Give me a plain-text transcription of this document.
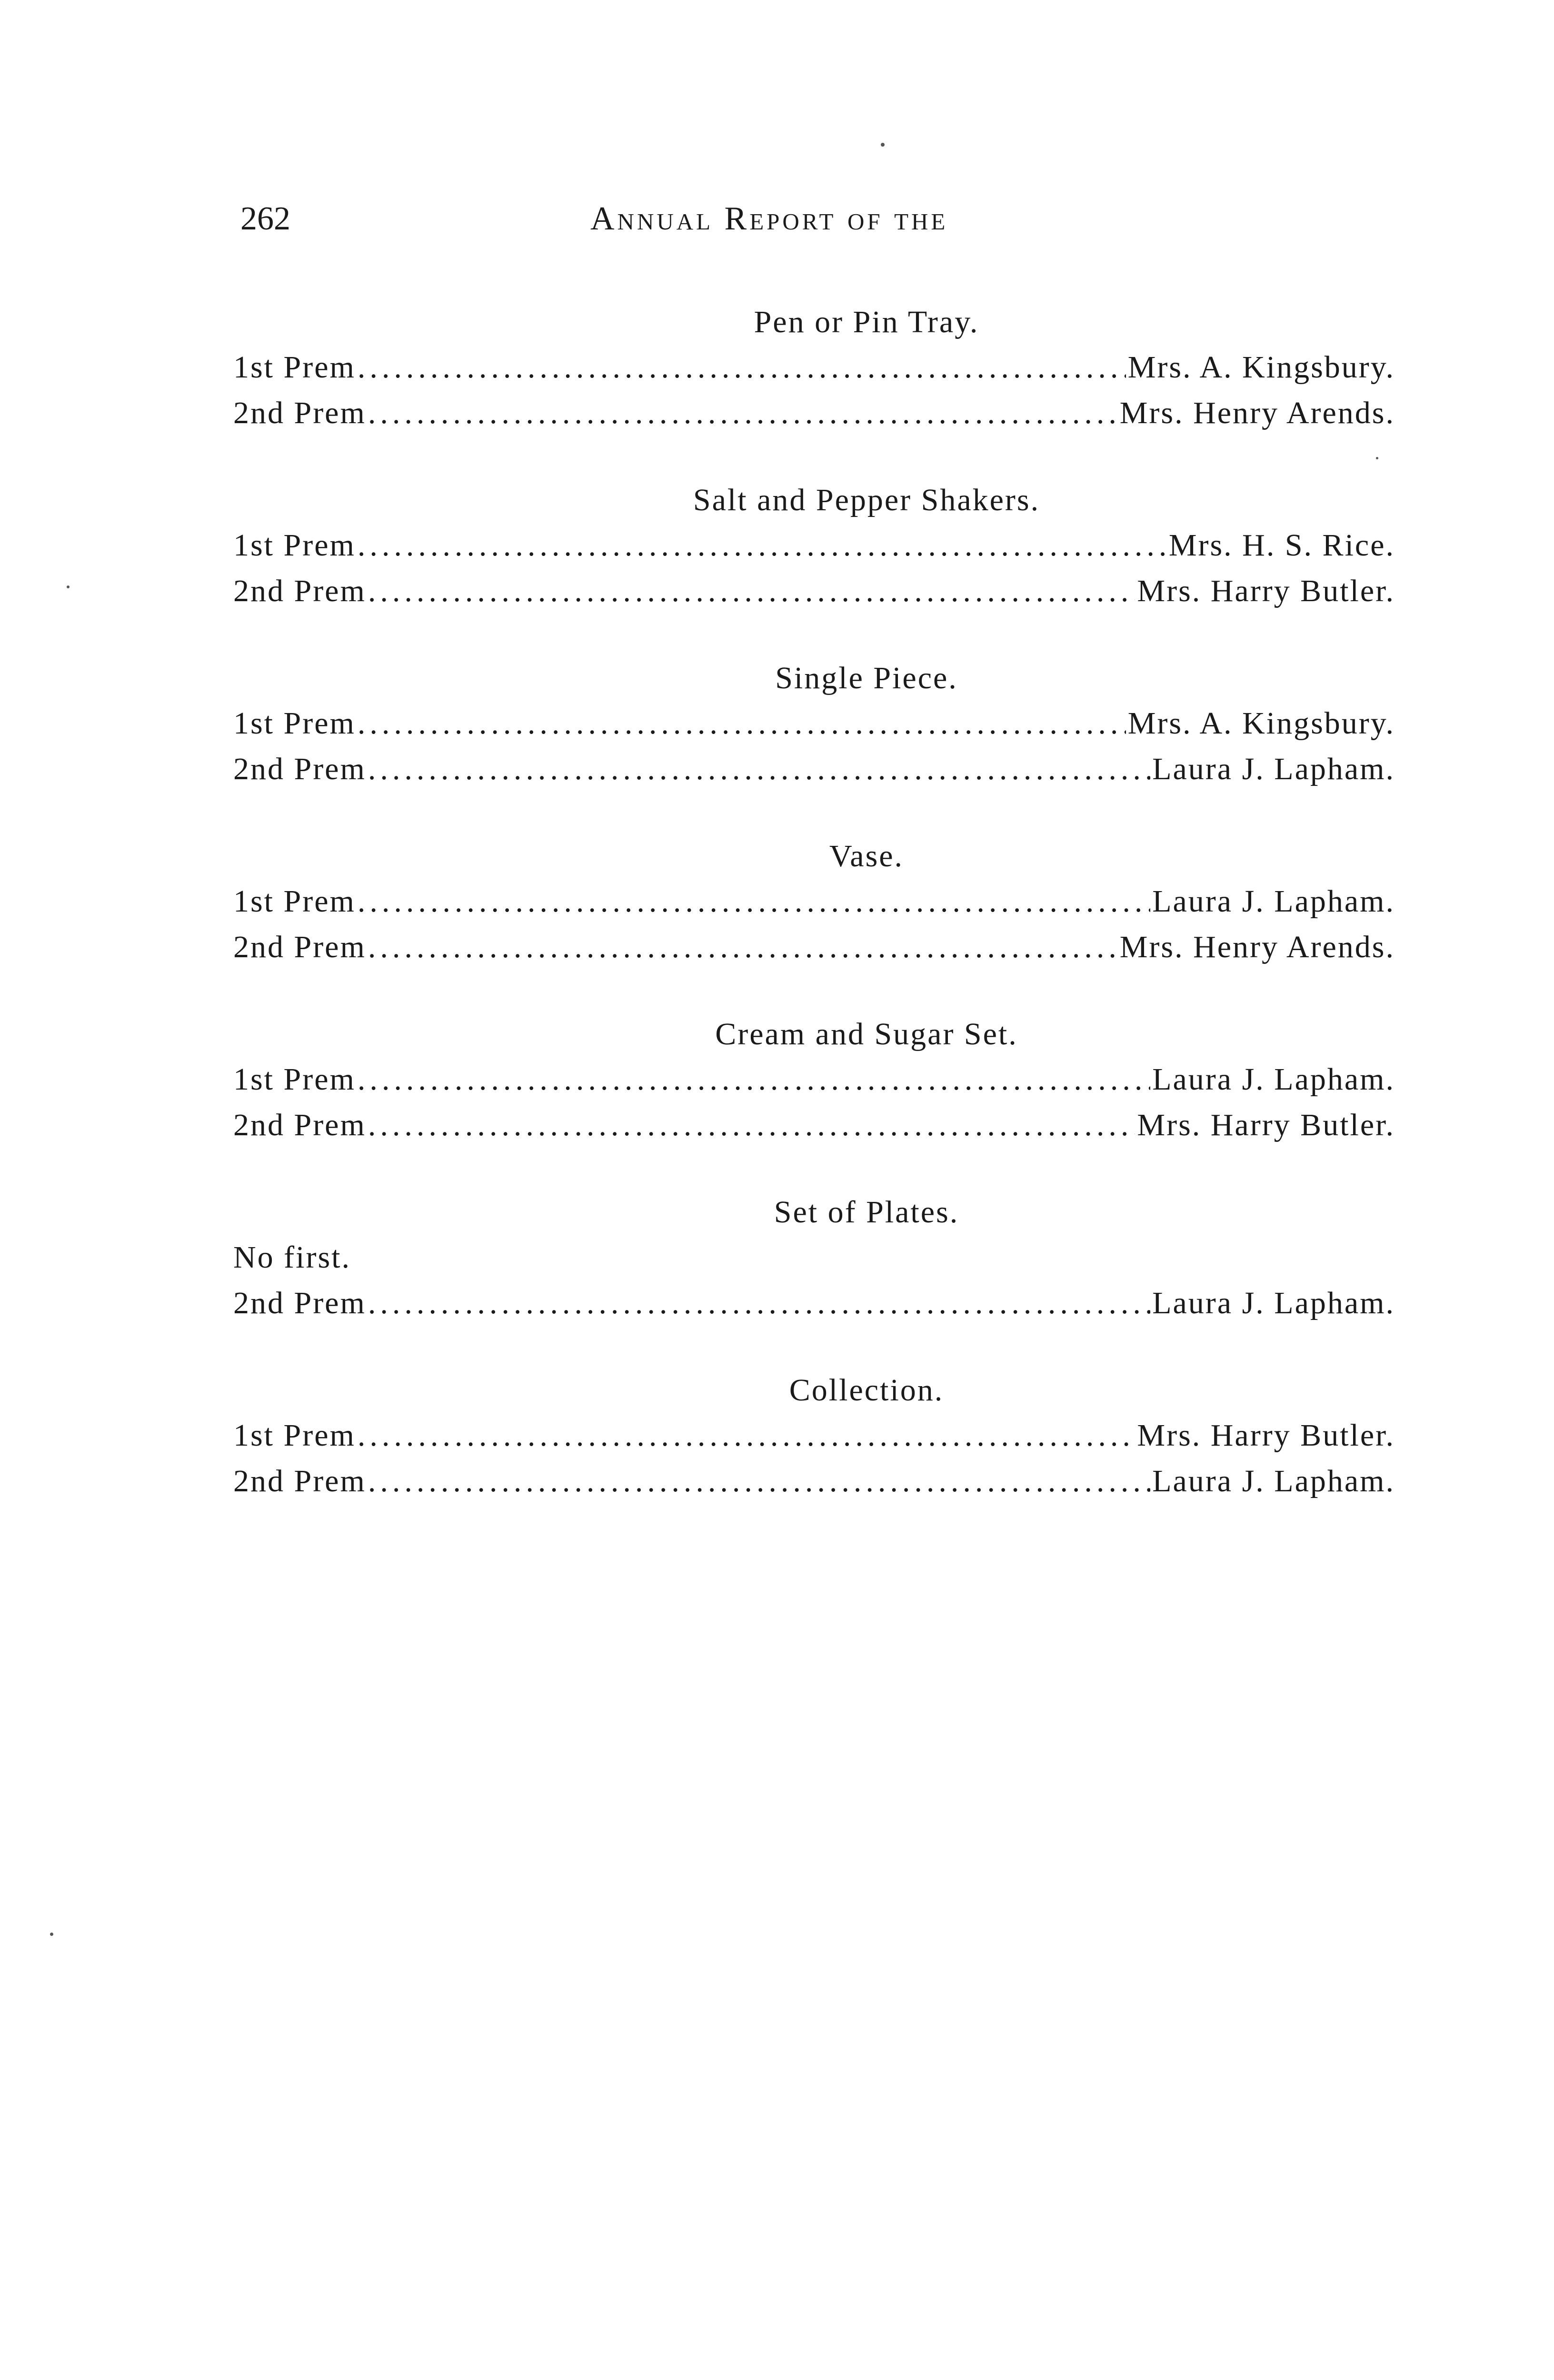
262	Annual Report of the
Pen or Pin Tray.
1st Prem .....	Mrs. A. Kingsbury.
2nd Prem .....	Mrs. Henry Arends.
Salt and Pepper Shakers.
1st Prem .....	Mrs. H. S. Rice.
2nd Prem .....	Mrs. Harry Butler.
Single Piece.
1st Prem .....	Mrs. A. Kingsbury.
2nd Prem .....	Laura J. Lapham.
Vase.
1st Prem .....	Laura J. Lapham.
2nd Prem .....	Mrs. Henry Arends.
Cream and Sugar Set.
1st Prem .....	Laura J. Lapham.
2nd Prem .....	Mrs. Harry Butler.
Set of Plates.
No first.
2nd Prem .....	Laura J. Lapham.
Collection.
1st Prem .....	Mrs. Harry Butler.
2nd Prem .....	Laura J. Lapham.
